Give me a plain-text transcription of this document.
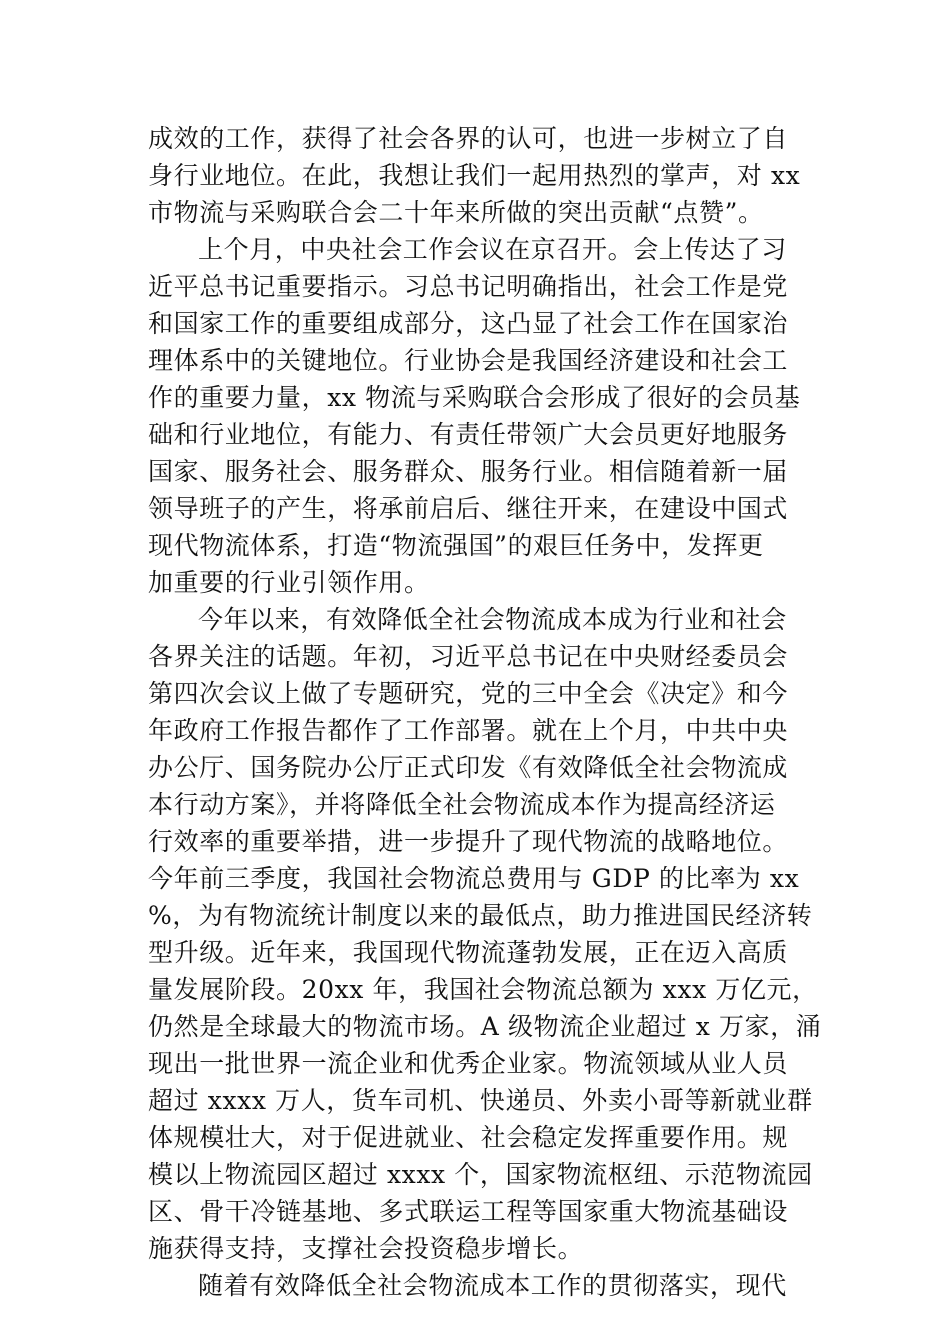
成效的工作，获得了社会各界的认可，也进一步树立了自
身行业地位。在此，我想让我们一起用热烈的掌声，对 xx
市物流与采购联合会二十年来所做的突出贡献“点赞”。
上个月，中央社会工作会议在京召开。会上传达了习
近平总书记重要指示。习总书记明确指出，社会工作是党
和国家工作的重要组成部分，这凸显了社会工作在国家治
理体系中的关键地位。行业协会是我国经济建设和社会工
作的重要力量，xx 物流与采购联合会形成了很好的会员基
础和行业地位，有能力、有责任带领广大会员更好地服务
国家、服务社会、服务群众、服务行业。相信随着新一届
领导班子的产生，将承前启后、继往开来，在建设中国式
现代物流体系，打造“物流强国”的艰巨任务中，发挥更
加重要的行业引领作用。
今年以来，有效降低全社会物流成本成为行业和社会
各界关注的话题。年初，习近平总书记在中央财经委员会
第四次会议上做了专题研究，党的三中全会《决定》和今
年政府工作报告都作了工作部署。就在上个月，中共中央
办公厅、国务院办公厅正式印发《有效降低全社会物流成
本行动方案》，并将降低全社会物流成本作为提高经济运
行效率的重要举措，进一步提升了现代物流的战略地位。
今年前三季度，我国社会物流总费用与 GDP 的比率为 xx
%，为有物流统计制度以来的最低点，助力推进国民经济转
型升级。近年来，我国现代物流蓬勃发展，正在迈入高质
量发展阶段。20xx 年，我国社会物流总额为 xxx 万亿元，
仍然是全球最大的物流市场。A 级物流企业超过 x 万家，涌
现出一批世界一流企业和优秀企业家。物流领域从业人员
超过 xxxx 万人，货车司机、快递员、外卖小哥等新就业群
体规模壮大，对于促进就业、社会稳定发挥重要作用。规
模以上物流园区超过 xxxx 个，国家物流枢纽、示范物流园
区、骨干冷链基地、多式联运工程等国家重大物流基础设
施获得支持，支撑社会投资稳步增长。
随着有效降低全社会物流成本工作的贯彻落实，现代
